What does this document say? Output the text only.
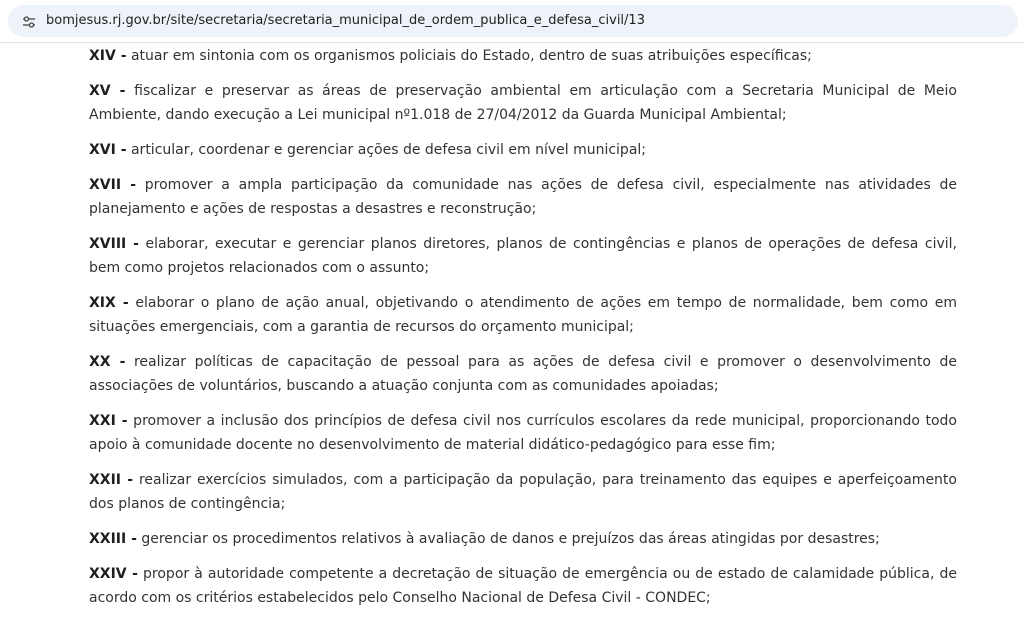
bomjesus.rj.gov.br/site/secretaria/secretaria_municipal_de_ordem_publica_e_defesa_civil/13

XIV - atuar em sintonia com os organismos policiais do Estado, dentro de suas atribuições específicas;

XV - fiscalizar e preservar as áreas de preservação ambiental em articulação com a Secretaria Municipal de Meio Ambiente, dando execução a Lei municipal nº1.018 de 27/04/2012 da Guarda Municipal Ambiental;

XVI - articular, coordenar e gerenciar ações de defesa civil em nível municipal;

XVII - promover a ampla participação da comunidade nas ações de defesa civil, especialmente nas atividades de planejamento e ações de respostas a desastres e reconstrução;

XVIII - elaborar, executar e gerenciar planos diretores, planos de contingências e planos de operações de defesa civil, bem como projetos relacionados com o assunto;

XIX - elaborar o plano de ação anual, objetivando o atendimento de ações em tempo de normalidade, bem como em situações emergenciais, com a garantia de recursos do orçamento municipal;

XX - realizar políticas de capacitação de pessoal para as ações de defesa civil e promover o desenvolvimento de associações de voluntários, buscando a atuação conjunta com as comunidades apoiadas;

XXI - promover a inclusão dos princípios de defesa civil nos currículos escolares da rede municipal, proporcionando todo apoio à comunidade docente no desenvolvimento de material didático-pedagógico para esse fim;

XXII - realizar exercícios simulados, com a participação da população, para treinamento das equipes e aperfeiçoamento dos planos de contingência;

XXIII - gerenciar os procedimentos relativos à avaliação de danos e prejuízos das áreas atingidas por desastres;

XXIV - propor à autoridade competente a decretação de situação de emergência ou de estado de calamidade pública, de acordo com os critérios estabelecidos pelo Conselho Nacional de Defesa Civil - CONDEC;
